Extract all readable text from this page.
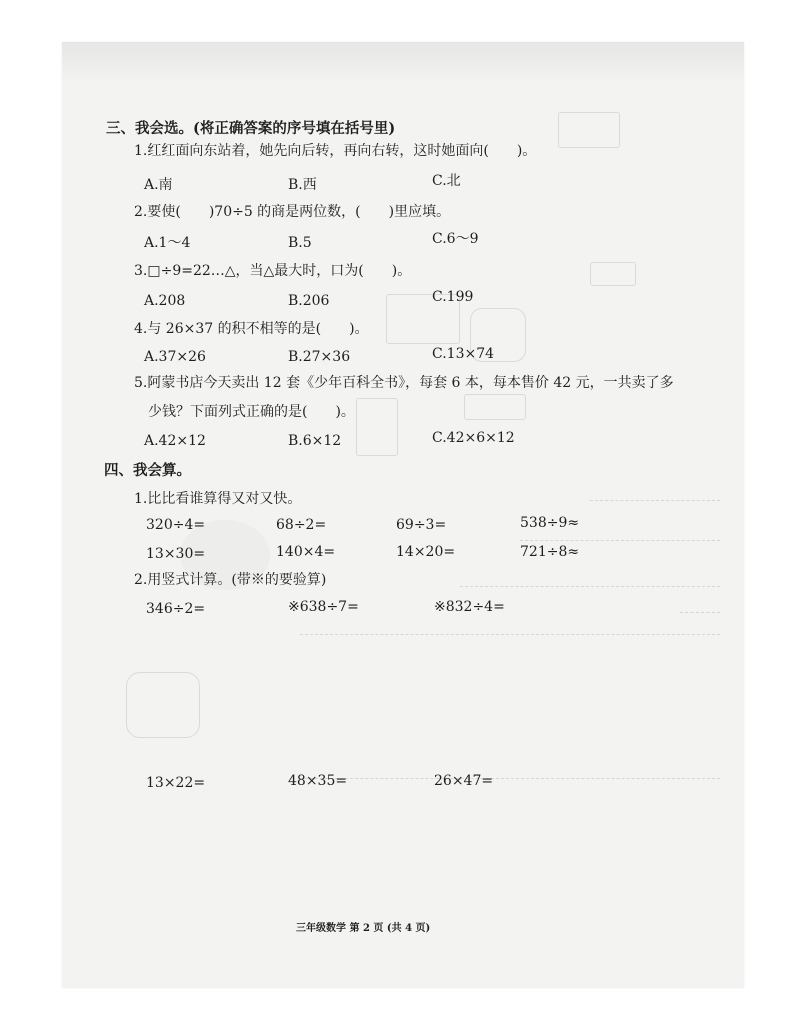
三、我会选。(将正确答案的序号填在括号里)
1.红红面向东站着，她先向后转，再向右转，这时她面向(　　)。
A.南	B.西	C.北
2.要使(　　)70÷5 的商是两位数，(　　)里应填。
A.1～4	B.5	C.6～9
3.□÷9=22…△，当△最大时，口为(　　)。
A.208	B.206	C.199
4.与 26×37 的积不相等的是(　　)。
A.37×26	B.27×36	C.13×74
5.阿蒙书店今天卖出 12 套《少年百科全书》，每套 6 本，每本售价 42 元，一共卖了多
少钱？下面列式正确的是(　　)。
A.42×12	B.6×12	C.42×6×12
四、我会算。
1.比比看谁算得又对又快。
320÷4=	68÷2=	69÷3=	538÷9≈
13×30=	140×4=	14×20=	721÷8≈
2.用竖式计算。(带※的要验算)
346÷2=	※638÷7=	※832÷4=
13×22=	48×35=	26×47=
三年级数学 第 2 页 (共 4 页)
